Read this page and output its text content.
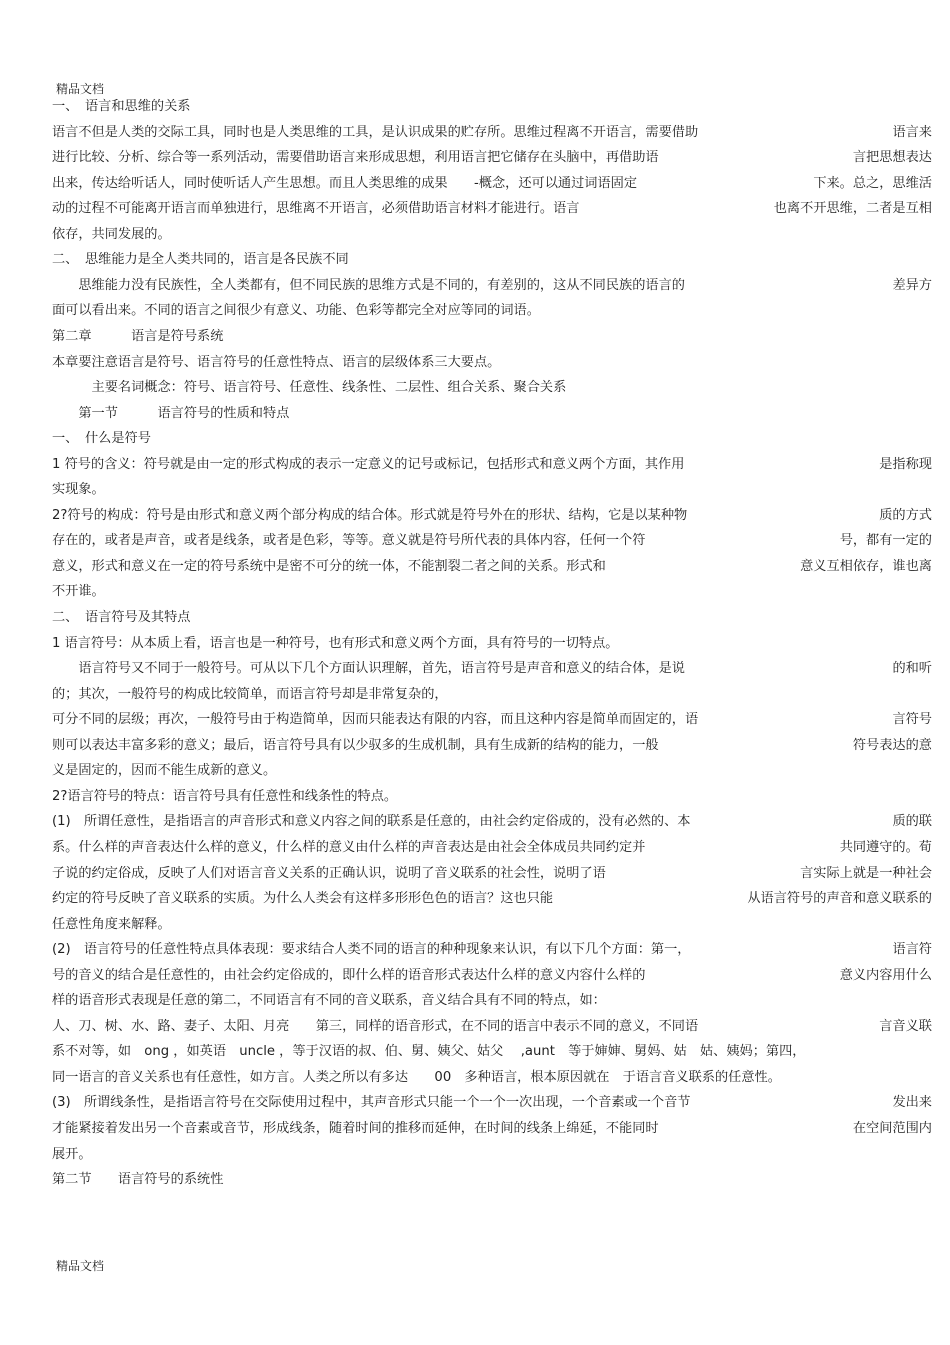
精品文档
一、　语言和思维的关系
语言不但是人类的交际工具，同时也是人类思维的工具，是认识成果的贮存所。思维过程离不开语言，需要借助	语言来
进行比较、分析、综合等一系列活动，需要借助语言来形成思想，利用语言把它储存在头脑中，再借助语	言把思想表达
出来，传达给听话人，同时使听话人产生思想。而且人类思维的成果　　-概念，还可以通过词语固定	下来。总之，思维活
动的过程不可能离开语言而单独进行，思维离不开语言，必须借助语言材料才能进行。语言	也离不开思维，二者是互相
依存，共同发展的。
二、　思维能力是全人类共同的，语言是各民族不同
　　思维能力没有民族性，全人类都有，但不同民族的思维方式是不同的，有差别的，这从不同民族的语言的	差异方
面可以看出来。不同的语言之间很少有意义、功能、色彩等都完全对应等同的词语。
第二章　　　语言是符号系统
本章要注意语言是符号、语言符号的任意性特点、语言的层级体系三大要点。
　　　主要名词概念：符号、语言符号、任意性、线条性、二层性、组合关系、聚合关系
　　第一节　　　语言符号的性质和特点
一、　什么是符号
1 符号的含义：符号就是由一定的形式构成的表示一定意义的记号或标记，包括形式和意义两个方面，其作用	是指称现
实现象。
2?符号的构成：符号是由形式和意义两个部分构成的结合体。形式就是符号外在的形状、结构，它是以某种物	质的方式
存在的，或者是声音，或者是线条，或者是色彩，等等。意义就是符号所代表的具体内容，任何一个符	号，都有一定的
意义，形式和意义在一定的符号系统中是密不可分的统一体，不能割裂二者之间的关系。形式和	意义互相依存，谁也离
不开谁。
二、　语言符号及其特点
1 语言符号：从本质上看，语言也是一种符号，也有形式和意义两个方面，具有符号的一切特点。
　　语言符号又不同于一般符号。可从以下几个方面认识理解，首先，语言符号是声音和意义的结合体，是说	的和听
的；其次，一般符号的构成比较简单，而语言符号却是非常复杂的，
可分不同的层级；再次，一般符号由于构造简单，因而只能表达有限的内容，而且这种内容是简单而固定的，语	言符号
则可以表达丰富多彩的意义；最后，语言符号具有以少驭多的生成机制，具有生成新的结构的能力，一般	符号表达的意
义是固定的，因而不能生成新的意义。
2?语言符号的特点：语言符号具有任意性和线条性的特点。
(1)　所谓任意性，是指语言的声音形式和意义内容之间的联系是任意的，由社会约定俗成的，没有必然的、本	质的联
系。什么样的声音表达什么样的意义，什么样的意义由什么样的声音表达是由社会全体成员共同约定并	共同遵守的。荀
子说的约定俗成，反映了人们对语言音义关系的正确认识，说明了音义联系的社会性，说明了语	言实际上就是一种社会
约定的符号反映了音义联系的实质。为什么人类会有这样多形形色色的语言？这也只能	从语言符号的声音和意义联系的
任意性角度来解释。
(2)　语言符号的任意性特点具体表现：要求结合人类不同的语言的种种现象来认识，有以下几个方面：第一，	语言符
号的音义的结合是任意性的，由社会约定俗成的，即什么样的语音形式表达什么样的意义内容什么样的	意义内容用什么
样的语音形式表现是任意的第二，不同语言有不同的音义联系，音义结合具有不同的特点，如：
人、刀、树、水、路、妻子、太阳、月亮　　第三，同样的语音形式，在不同的语言中表示不同的意义，不同语	言音义联
系不对等，如　ong ，如英语　uncle ，等于汉语的叔、伯、舅、姨父、姑父　 ,aunt　等于婶婶、舅妈、姑　姑、姨妈；第四，
同一语言的音义关系也有任意性，如方言。人类之所以有多达　　00　多种语言，根本原因就在　于语言音义联系的任意性。
(3)　所谓线条性，是指语言符号在交际使用过程中，其声音形式只能一个一个一次出现，一个音素或一个音节	发出来
才能紧接着发出另一个音素或音节，形成线条，随着时间的推移而延伸，在时间的线条上绵延，不能同时	在空间范围内
展开。
第二节　　语言符号的系统性
精品文档
